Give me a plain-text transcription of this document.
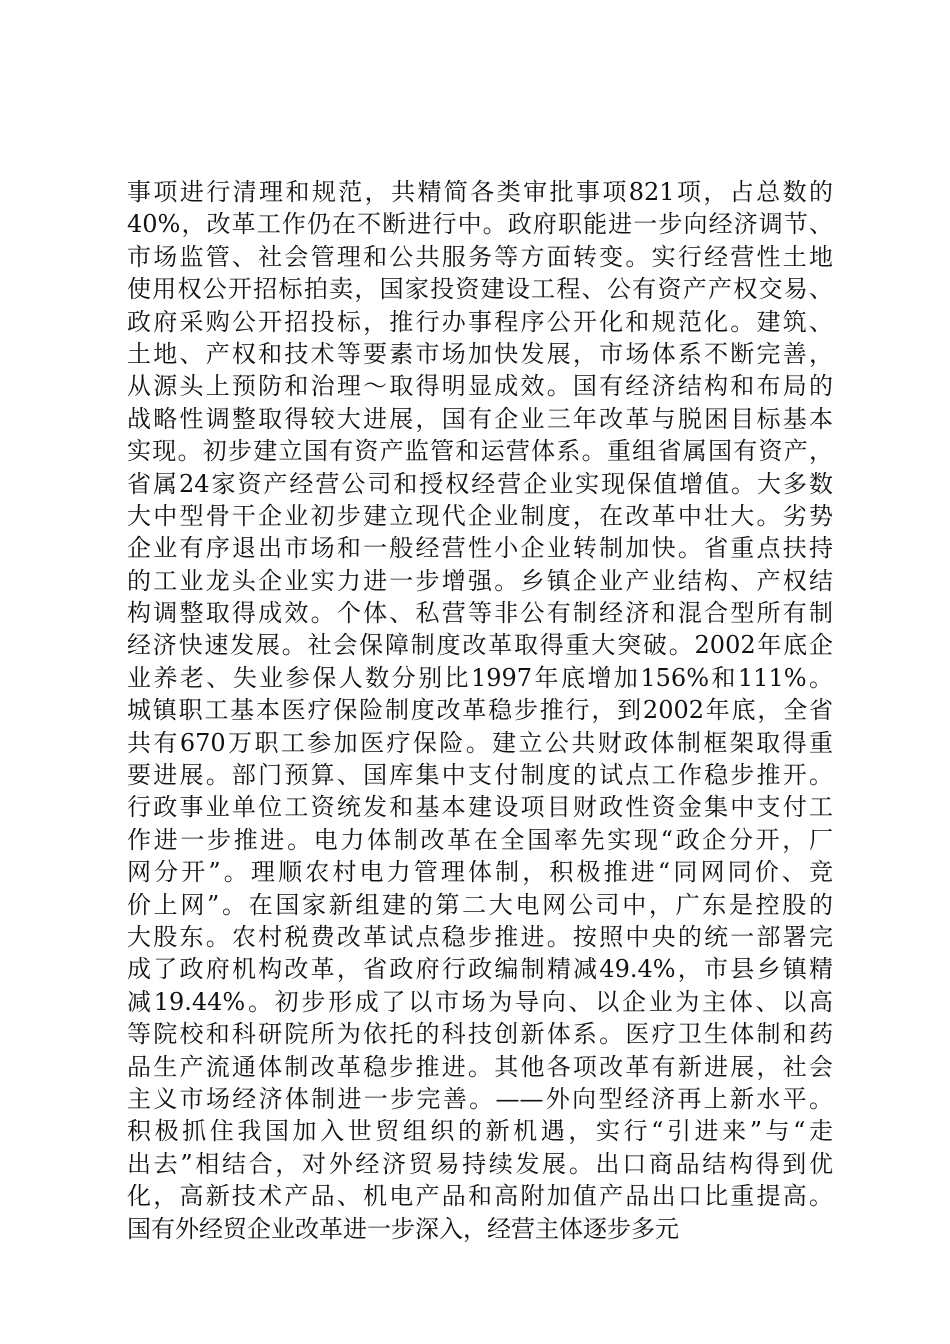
事项进行清理和规范，共精简各类审批事项821项，占总数的
40%，改革工作仍在不断进行中。政府职能进一步向经济调节、
市场监管、社会管理和公共服务等方面转变。实行经营性土地
使用权公开招标拍卖，国家投资建设工程、公有资产产权交易、
政府采购公开招投标，推行办事程序公开化和规范化。建筑、
土地、产权和技术等要素市场加快发展，市场体系不断完善，
从源头上预防和治理～取得明显成效。国有经济结构和布局的
战略性调整取得较大进展，国有企业三年改革与脱困目标基本
实现。初步建立国有资产监管和运营体系。重组省属国有资产，
省属24家资产经营公司和授权经营企业实现保值增值。大多数
大中型骨干企业初步建立现代企业制度，在改革中壮大。劣势
企业有序退出市场和一般经营性小企业转制加快。省重点扶持
的工业龙头企业实力进一步增强。乡镇企业产业结构、产权结
构调整取得成效。个体、私营等非公有制经济和混合型所有制
经济快速发展。社会保障制度改革取得重大突破。2002年底企
业养老、失业参保人数分别比1997年底增加156%和111%。
城镇职工基本医疗保险制度改革稳步推行，到2002年底，全省
共有670万职工参加医疗保险。建立公共财政体制框架取得重
要进展。部门预算、国库集中支付制度的试点工作稳步推开。
行政事业单位工资统发和基本建设项目财政性资金集中支付工
作进一步推进。电力体制改革在全国率先实现“政企分开，厂
网分开”。理顺农村电力管理体制，积极推进“同网同价、竞
价上网”。在国家新组建的第二大电网公司中，广东是控股的
大股东。农村税费改革试点稳步推进。按照中央的统一部署完
成了政府机构改革，省政府行政编制精减49.4%，市县乡镇精
减19.44%。初步形成了以市场为导向、以企业为主体、以高
等院校和科研院所为依托的科技创新体系。医疗卫生体制和药
品生产流通体制改革稳步推进。其他各项改革有新进展，社会
主义市场经济体制进一步完善。——外向型经济再上新水平。
积极抓住我国加入世贸组织的新机遇，实行“引进来”与“走
出去”相结合，对外经济贸易持续发展。出口商品结构得到优
化，高新技术产品、机电产品和高附加值产品出口比重提高。
国有外经贸企业改革进一步深入，经营主体逐步多元
